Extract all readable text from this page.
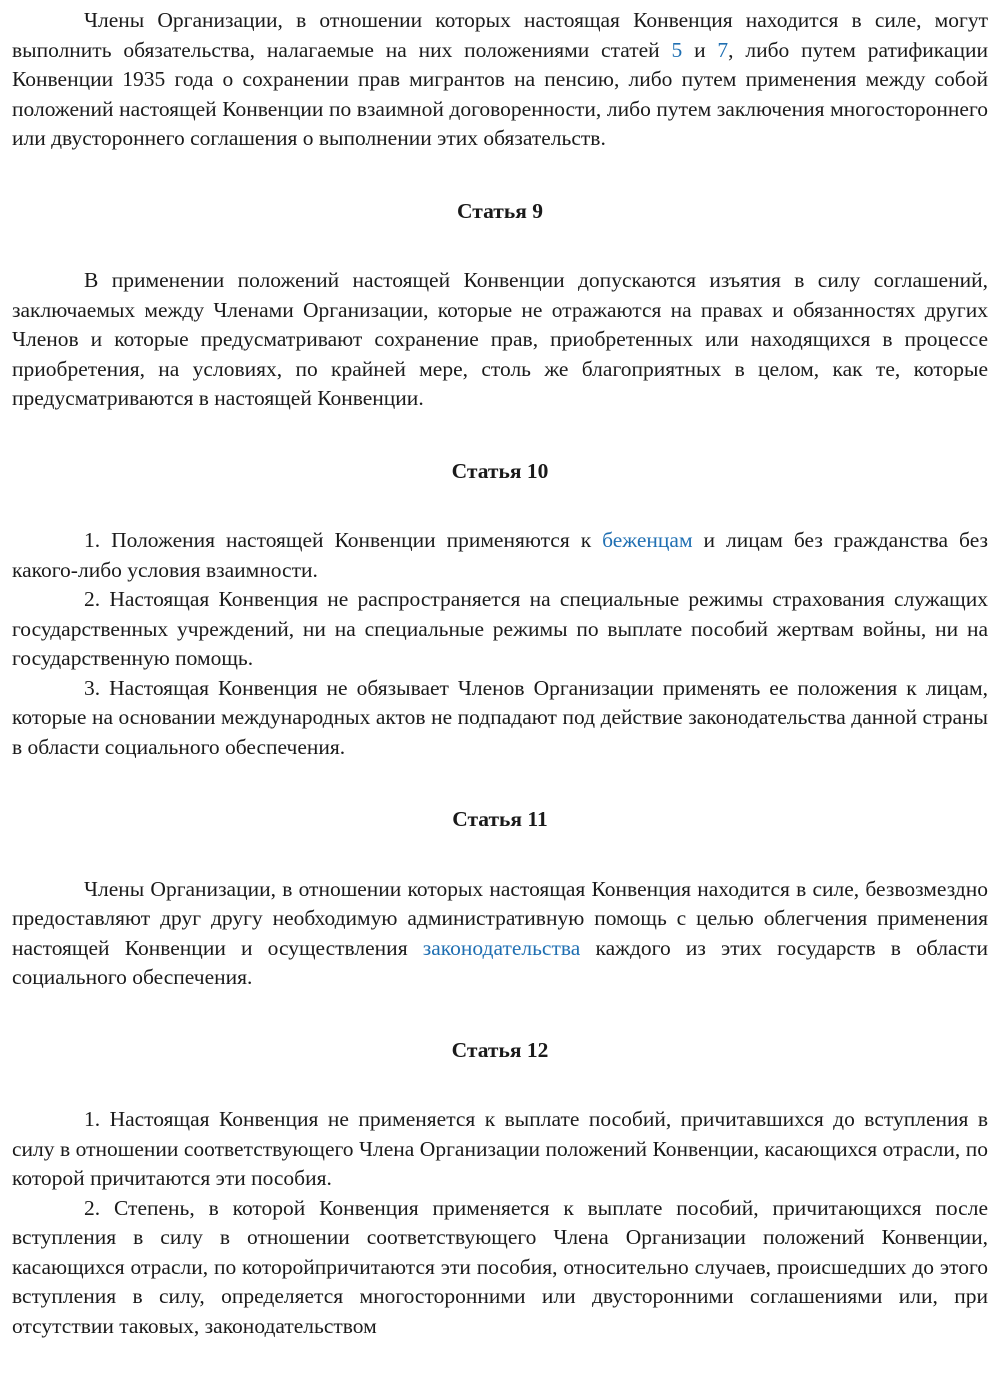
Члены Организации, в отношении которых настоящая Конвенция находится в силе, могут выполнить обязательства, налагаемые на них положениями статей 5 и 7, либо путем ратификации Конвенции 1935 года о сохранении прав мигрантов на пенсию, либо путем применения между собой положений настоящей Конвенции по взаимной договоренности, либо путем заключения многостороннего или двустороннего соглашения о выполнении этих обязательств.

Статья 9

В применении положений настоящей Конвенции допускаются изъятия в силу соглашений, заключаемых между Членами Организации, которые не отражаются на правах и обязанностях других Членов и которые предусматривают сохранение прав, приобретенных или находящихся в процессе приобретения, на условиях, по крайней мере, столь же благоприятных в целом, как те, которые предусматриваются в настоящей Конвенции.

Статья 10

1. Положения настоящей Конвенции применяются к беженцам и лицам без гражданства без какого-либо условия взаимности.

2. Настоящая Конвенция не распространяется на специальные режимы страхования служащих государственных учреждений, ни на специальные режимы по выплате пособий жертвам войны, ни на государственную помощь.

3. Настоящая Конвенция не обязывает Членов Организации применять ее положения к лицам, которые на основании международных актов не подпадают под действие законодательства данной страны в области социального обеспечения.

Статья 11

Члены Организации, в отношении которых настоящая Конвенция находится в силе, безвозмездно предоставляют друг другу необходимую административную помощь с целью облегчения применения настоящей Конвенции и осуществления законодательства каждого из этих государств в области социального обеспечения.

Статья 12

1. Настоящая Конвенция не применяется к выплате пособий, причитавшихся до вступления в силу в отношении соответствующего Члена Организации положений Конвенции, касающихся отрасли, по которой причитаются эти пособия.

2. Степень, в которой Конвенция применяется к выплате пособий, причитающихся после вступления в силу в отношении соответствующего Члена Организации положений Конвенции, касающихся отрасли, по которойпричитаются эти пособия, относительно случаев, происшедших до этого вступления в силу, определяется многосторонними или двусторонними соглашениями или, при отсутствии таковых, законодательством
